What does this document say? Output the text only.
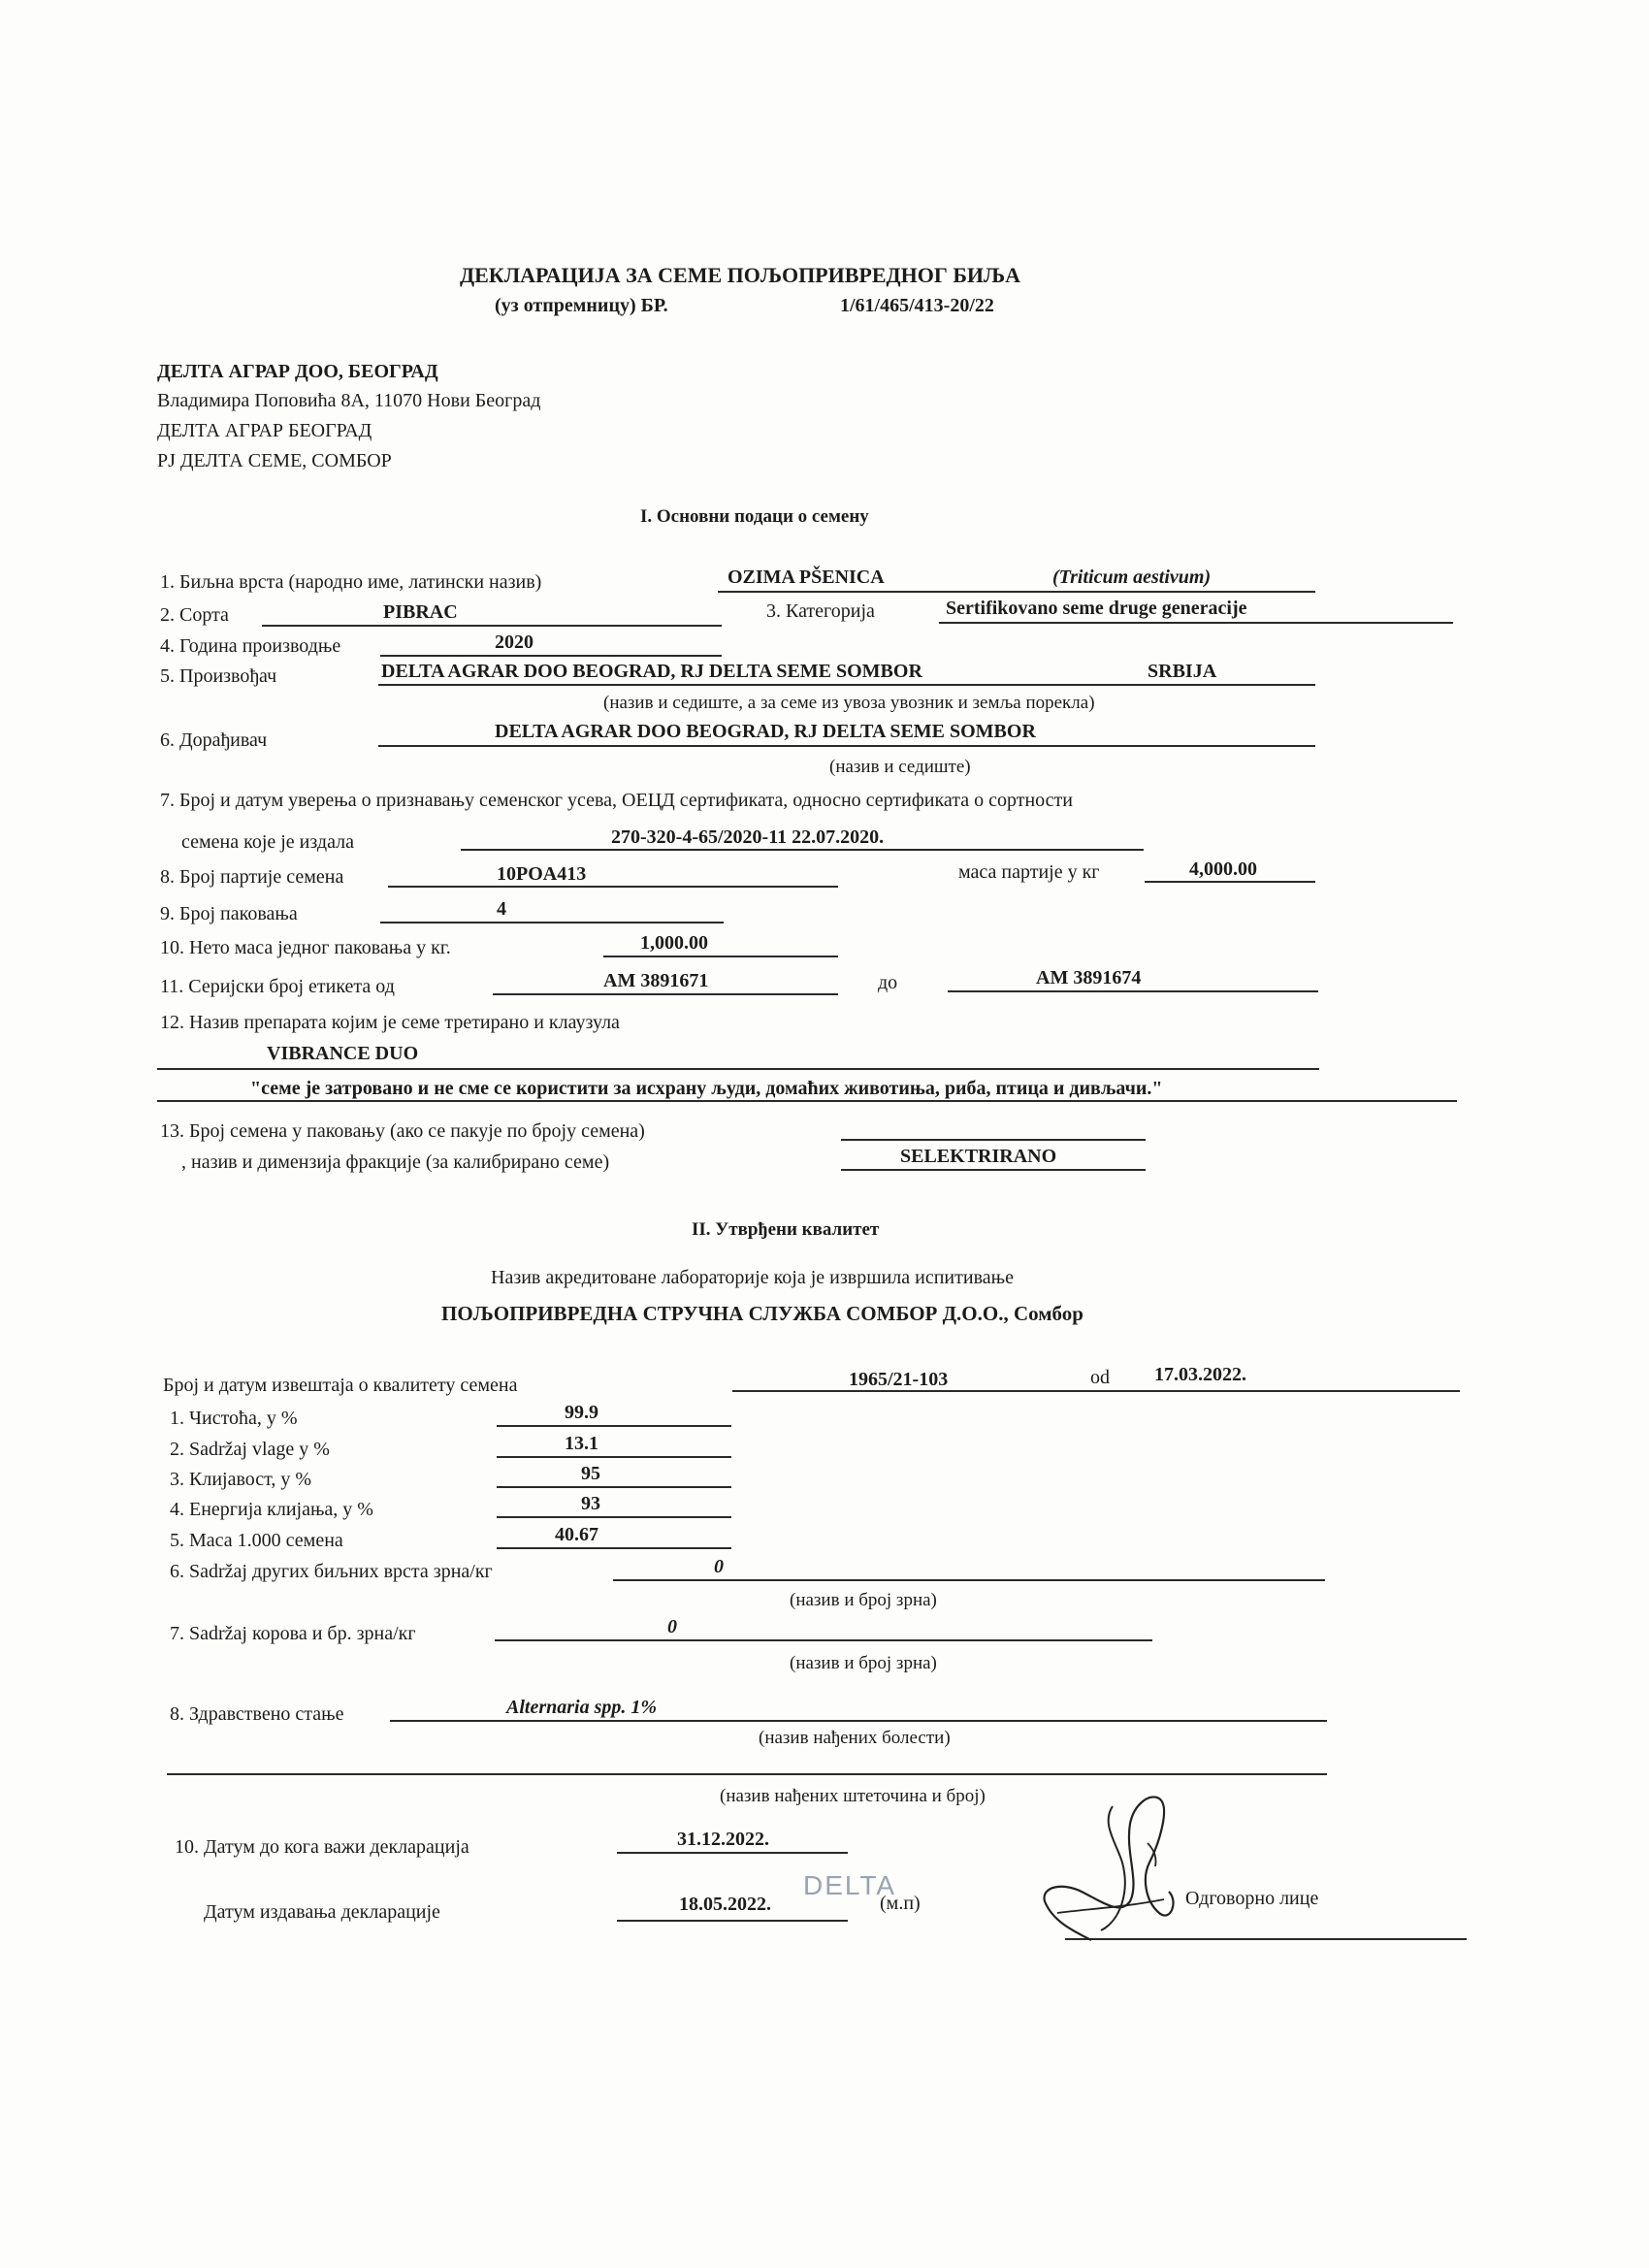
ДЕКЛАРАЦИЈА ЗА СЕМЕ ПОЉОПРИВРЕДНОГ БИЉА
(уз отпремницу) БР.	1/61/465/413-20/22
ДЕЛТА АГРАР ДОО, БЕОГРАД
Владимира Поповића 8А, 11070 Нови Београд
ДЕЛТА АГРАР БЕОГРАД
РЈ ДЕЛТА СЕМЕ, СОМБОР
I. Основни подаци о семену
1. Биљна врста (народно име, латински назив)	OZIMA PŠENICA	(Triticum aestivum)
2. Сорта	PIBRAC	3. Категорија	Sertifikovano seme druge generacije
4. Година производње	2020
5. Произвођач	DELTA AGRAR DOO BEOGRAD, RJ DELTA SEME SOMBOR	SRBIJA
(назив и седиште, а за семе из увоза увозник и земља порекла)
6. Дорађивач	DELTA AGRAR DOO BEOGRAD, RJ DELTA SEME SOMBOR
(назив и седиште)
7. Број и датум уверења о признавању семенског усева, ОЕЦД сертификата, односно сертификата о сортности
семена које је издала	270-320-4-65/2020-11 22.07.2020.
8. Број партије семена	10POA413	маса партије у кг	4,000.00
9. Број паковања	4
10. Нето маса једног паковања у кг.	1,000.00
11. Серијски број етикета од	AM 3891671	до	AM 3891674
12. Назив препарата којим је семе третирано и клаузула
VIBRANCE DUO
"семе је затровано и не сме се користити за исхрану људи, домаћих животиња, риба, птица и дивљачи."
13. Број семена у паковању (ако се пакује по броју семена)
, назив и димензија фракције (за калибрирано семе)	SELEKTRIRANO
II. Утврђени квалитет
Назив акредитоване лабораторије која је извршила испитивање
ПОЉОПРИВРЕДНА СТРУЧНА СЛУЖБА СОМБОР Д.О.О., Сомбор
Број и датум извештаја о квалитету семена	1965/21-103	od 17.03.2022.
1. Чистоћа, у %	99.9
2. Sadržaj vlage у %	13.1
3. Клијавост, у %	95
4. Енергија клијања, у %	93
5. Маса 1.000 семена	40.67
6. Sadržaj других биљних врста зрна/кг	0
(назив и број зрна)
7. Sadržaj корова и бр. зрна/кг	0
(назив и број зрна)
8. Здравствено стање	Alternaria spp. 1%
(назив нађених болести)
(назив нађених штеточина и број)
10. Датум до кога важи декларација	31.12.2022.
Датум издавања декларације	18.05.2022.
DELTA
(м.п)	Одговорно лице
